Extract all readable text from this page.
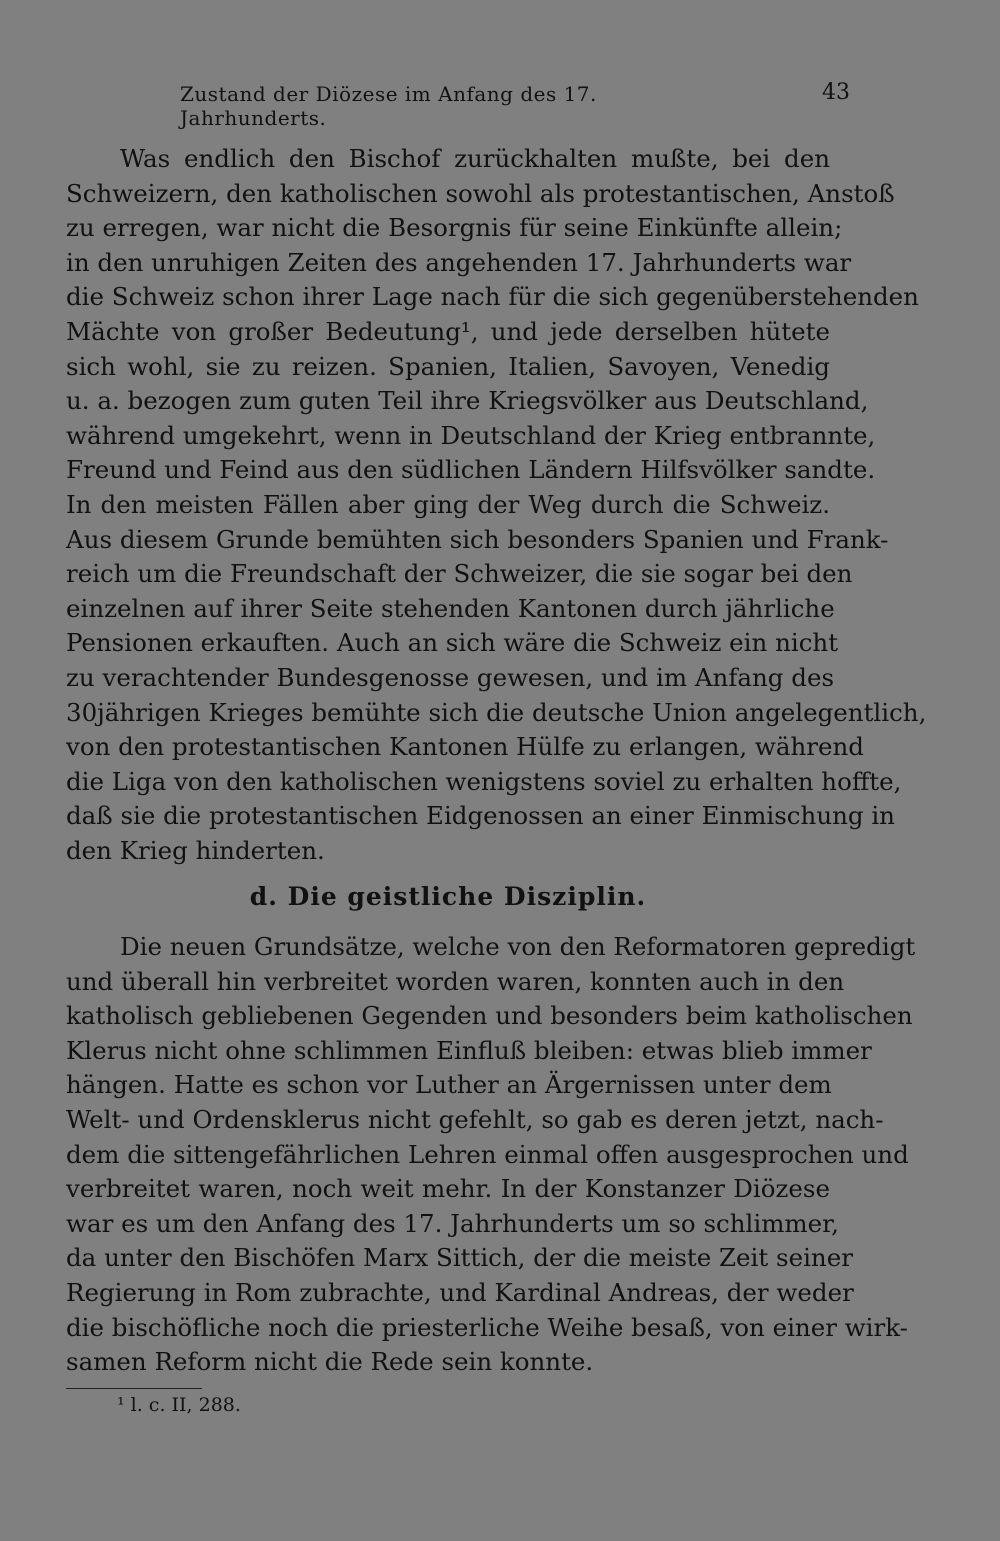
Zustand der Diözese im Anfang des 17. Jahrhunderts.
43
Was endlich den Bischof zurückhalten mußte, bei den
Schweizern, den katholischen sowohl als protestantischen, Anstoß
zu erregen, war nicht die Besorgnis für seine Einkünfte allein;
in den unruhigen Zeiten des angehenden 17. Jahrhunderts war
die Schweiz schon ihrer Lage nach für die sich gegenüberstehenden
Mächte von großer Bedeutung¹, und jede derselben hütete
sich wohl, sie zu reizen. Spanien, Italien, Savoyen, Venedig
u. a. bezogen zum guten Teil ihre Kriegsvölker aus Deutschland,
während umgekehrt, wenn in Deutschland der Krieg entbrannte,
Freund und Feind aus den südlichen Ländern Hilfsvölker sandte.
In den meisten Fällen aber ging der Weg durch die Schweiz.
Aus diesem Grunde bemühten sich besonders Spanien und Frank-
reich um die Freundschaft der Schweizer, die sie sogar bei den
einzelnen auf ihrer Seite stehenden Kantonen durch jährliche
Pensionen erkauften. Auch an sich wäre die Schweiz ein nicht
zu verachtender Bundesgenosse gewesen, und im Anfang des
30jährigen Krieges bemühte sich die deutsche Union angelegentlich,
von den protestantischen Kantonen Hülfe zu erlangen, während
die Liga von den katholischen wenigstens soviel zu erhalten hoffte,
daß sie die protestantischen Eidgenossen an einer Einmischung in
den Krieg hinderten.
d. Die geistliche Disziplin.
Die neuen Grundsätze, welche von den Reformatoren gepredigt
und überall hin verbreitet worden waren, konnten auch in den
katholisch gebliebenen Gegenden und besonders beim katholischen
Klerus nicht ohne schlimmen Einfluß bleiben: etwas blieb immer
hängen. Hatte es schon vor Luther an Ärgernissen unter dem
Welt- und Ordensklerus nicht gefehlt, so gab es deren jetzt, nach-
dem die sittengefährlichen Lehren einmal offen ausgesprochen und
verbreitet waren, noch weit mehr. In der Konstanzer Diözese
war es um den Anfang des 17. Jahrhunderts um so schlimmer,
da unter den Bischöfen Marx Sittich, der die meiste Zeit seiner
Regierung in Rom zubrachte, und Kardinal Andreas, der weder
die bischöfliche noch die priesterliche Weihe besaß, von einer wirk-
samen Reform nicht die Rede sein konnte.
¹ l. c. II, 288.
